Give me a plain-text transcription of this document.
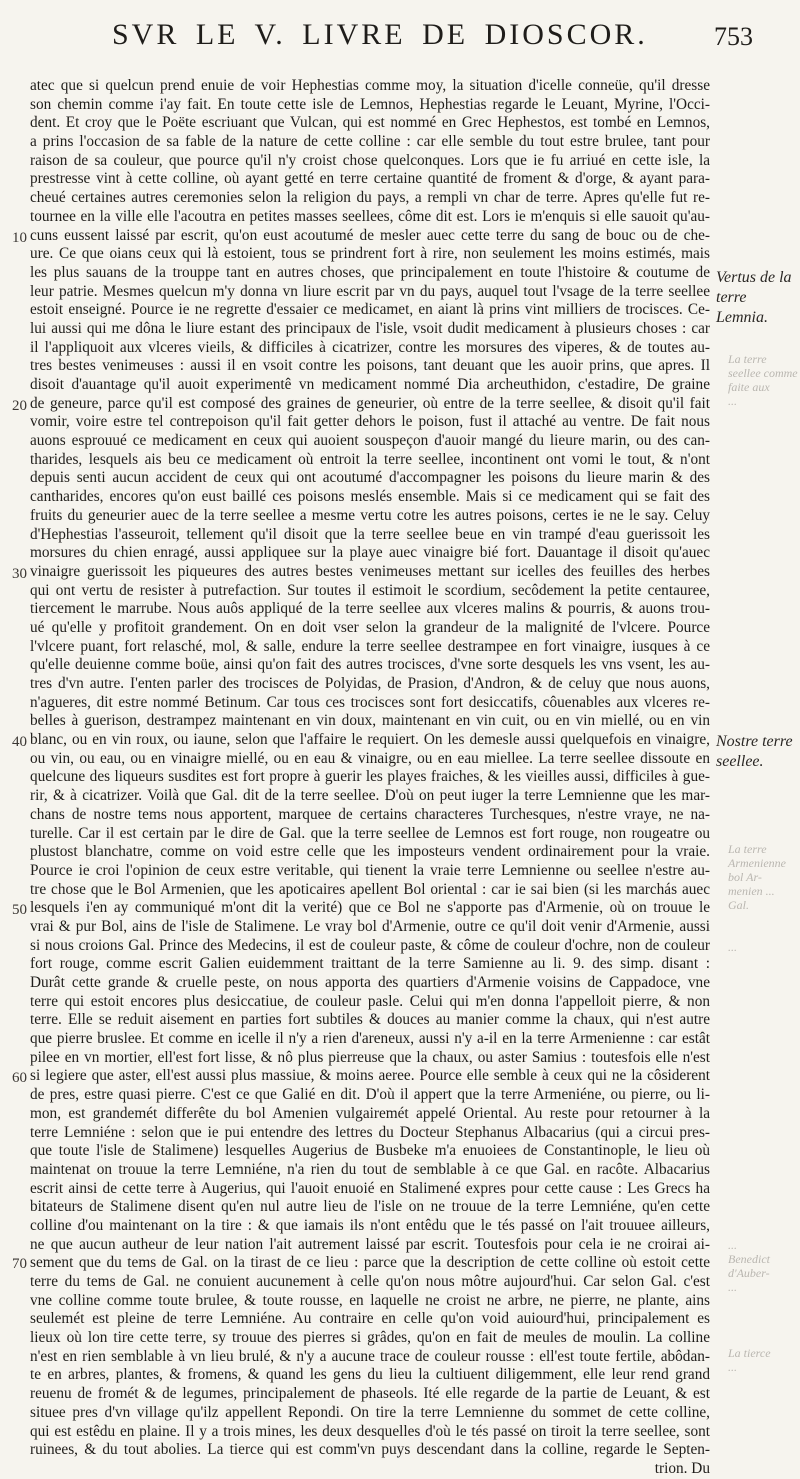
SVR LE V. LIVRE DE DIOSCOR.	753
atec que si quelcun prend enuie de voir Hephestias comme moy, la situation d'icelle conneüe, qu'il dresse
son chemin comme i'ay fait. En toute cette isle de Lemnos, Hephestias regarde le Leuant, Myrine, l'Occi-
dent. Et croy que le Poëte escriuant que Vulcan, qui est nommé en Grec Hephestos, est tombé en Lemnos,
a prins l'occasion de sa fable de la nature de cette colline : car elle semble du tout estre brulee, tant pour
raison de sa couleur, que pource qu'il n'y croist chose quelconques. Lors que ie fu arriué en cette isle, la
prestresse vint à cette colline, où ayant getté en terre certaine quantité de froment & d'orge, & ayant para-
cheué certaines autres ceremonies selon la religion du pays, a rempli vn char de terre. Apres qu'elle fut re-
tournee en la ville elle l'acoutra en petites masses seellees, côme dit est. Lors ie m'enquis si elle sauoit qu'au-
cuns eussent laissé par escrit, qu'on eust acoutumé de mesler auec cette terre du sang de bouc ou de che-
ure. Ce que oians ceux qui là estoient, tous se prindrent fort à rire, non seulement les moins estimés, mais
les plus sauans de la trouppe tant en autres choses, que principalement en toute l'histoire & coutume de
leur patrie. Mesmes quelcun m'y donna vn liure escrit par vn du pays, auquel tout l'vsage de la terre seellee
estoit enseigné. Pource ie ne regrette d'essaier ce medicamet, en aiant là prins vint milliers de trocisces. Ce-
lui aussi qui me dôna le liure estant des principaux de l'isle, vsoit dudit medicament à plusieurs choses : car
il l'appliquoit aux vlceres vieils, & difficiles à cicatrizer, contre les morsures des viperes, & de toutes au-
tres bestes venimeuses : aussi il en vsoit contre les poisons, tant deuant que les auoir prins, que apres. Il
disoit d'auantage qu'il auoit experimentê vn medicament nommé Dia archeuthidon, c'estadire, De graine
de geneure, parce qu'il est composé des graines de geneurier, où entre de la terre seellee, & disoit qu'il fait
vomir, voire estre tel contrepoison qu'il fait getter dehors le poison, fust il attaché au ventre. De fait nous
auons esprouué ce medicament en ceux qui auoient souspeçon d'auoir mangé du lieure marin, ou des can-
tharides, lesquels ais beu ce medicament où entroit la terre seellee, incontinent ont vomi le tout, & n'ont
depuis senti aucun accident de ceux qui ont acoutumé d'accompagner les poisons du lieure marin & des
cantharides, encores qu'on eust baillé ces poisons meslés ensemble. Mais si ce medicament qui se fait des
fruits du geneurier auec de la terre seellee a mesme vertu cotre les autres poisons, certes ie ne le say. Celuy
d'Hephestias l'asseuroit, tellement qu'il disoit que la terre seellee beue en vin trampé d'eau guerissoit les
morsures du chien enragé, aussi appliquee sur la playe auec vinaigre bié fort. Dauantage il disoit qu'auec
vinaigre guerissoit les piqueures des autres bestes venimeuses mettant sur icelles des feuilles des herbes
qui ont vertu de resister à putrefaction. Sur toutes il estimoit le scordium, secôdement la petite centauree,
tiercement le marrube. Nous auôs appliqué de la terre seellee aux vlceres malins & pourris, & auons trou-
ué qu'elle y profitoit grandement. On en doit vser selon la grandeur de la malignité de l'vlcere. Pource
l'vlcere puant, fort relasché, mol, & salle, endure la terre seellee destrampee en fort vinaigre, iusques à ce
qu'elle deuienne comme boüe, ainsi qu'on fait des autres trocisces, d'vne sorte desquels les vns vsent, les au-
tres d'vn autre. I'enten parler des trocisces de Polyidas, de Prasion, d'Andron, & de celuy que nous auons,
n'agueres, dit estre nommé Betinum. Car tous ces trocisces sont fort desiccatifs, côuenables aux vlceres re-
belles à guerison, destrampez maintenant en vin doux, maintenant en vin cuit, ou en vin miellé, ou en vin
blanc, ou en vin roux, ou iaune, selon que l'affaire le requiert. On les demesle aussi quelquefois en vinaigre,
ou vin, ou eau, ou en vinaigre miellé, ou en eau & vinaigre, ou en eau miellee. La terre seellee dissoute en
quelcune des liqueurs susdites est fort propre à guerir les playes fraiches, & les vieilles aussi, difficiles à gue-
rir, & à cicatrizer. Voilà que Gal. dit de la terre seellee. D'où on peut iuger la terre Lemnienne que les mar-
chans de nostre tems nous apportent, marquee de certains characteres Turchesques, n'estre vraye, ne na-
turelle. Car il est certain par le dire de Gal. que la terre seellee de Lemnos est fort rouge, non rougeatre ou
plustost blanchatre, comme on void estre celle que les imposteurs vendent ordinairement pour la vraie.
Pource ie croi l'opinion de ceux estre veritable, qui tienent la vraie terre Lemnienne ou seellee n'estre au-
tre chose que le Bol Armenien, que les apoticaires apellent Bol oriental : car ie sai bien (si les marchás auec
lesquels i'en ay communiqué m'ont dit la verité) que ce Bol ne s'apporte pas d'Armenie, où on trouue le
vrai & pur Bol, ains de l'isle de Stalimene. Le vray bol d'Armenie, outre ce qu'il doit venir d'Armenie, aussi
si nous croions Gal. Prince des Medecins, il est de couleur paste, & côme de couleur d'ochre, non de couleur
fort rouge, comme escrit Galien euidemment traittant de la terre Samienne au li. 9. des simp. disant :
Durât cette grande & cruelle peste, on nous apporta des quartiers d'Armenie voisins de Cappadoce, vne
terre qui estoit encores plus desiccatiue, de couleur pasle. Celui qui m'en donna l'appelloit pierre, & non
terre. Elle se reduit aisement en parties fort subtiles & douces au manier comme la chaux, qui n'est autre
que pierre bruslee. Et comme en icelle il n'y a rien d'areneux, aussi n'y a-il en la terre Armenienne : car estât
pilee en vn mortier, ell'est fort lisse, & nô plus pierreuse que la chaux, ou aster Samius : toutesfois elle n'est
si legiere que aster, ell'est aussi plus massiue, & moins aeree. Pource elle semble à ceux qui ne la côsiderent
de pres, estre quasi pierre. C'est ce que Galié en dit. D'où il appert que la terre Armeniéne, ou pierre, ou li-
mon, est grandemét differête du bol Amenien vulgairemét appelé Oriental. Au reste pour retourner à la
terre Lemniéne : selon que ie pui entendre des lettres du Docteur Stephanus Albacarius (qui a circui pres-
que toute l'isle de Stalimene) lesquelles Augerius de Busbeke m'a enuoiees de Constantinople, le lieu où
maintenat on trouue la terre Lemniéne, n'a rien du tout de semblable à ce que Gal. en racôte. Albacarius
escrit ainsi de cette terre à Augerius, qui l'auoit enuoié en Stalimené expres pour cette cause : Les Grecs ha
bitateurs de Stalimene disent qu'en nul autre lieu de l'isle on ne trouue de la terre Lemniéne, qu'en cette
colline d'ou maintenant on la tire : & que iamais ils n'ont entêdu que le tés passé on l'ait trouuee ailleurs,
ne que aucun autheur de leur nation l'ait autrement laissé par escrit. Toutesfois pour cela ie ne croirai ai-
sement que du tems de Gal. on la tirast de ce lieu : parce que la description de cette colline où estoit cette
terre du tems de Gal. ne conuient aucunement à celle qu'on nous môtre aujourd'hui. Car selon Gal. c'est
vne colline comme toute brulee, & toute rousse, en laquelle ne croist ne arbre, ne pierre, ne plante, ains
seulemét est pleine de terre Lemniéne. Au contraire en celle qu'on void auiourd'hui, principalement es
lieux où lon tire cette terre, sy trouue des pierres si grâdes, qu'on en fait de meules de moulin. La colline
n'est en rien semblable à vn lieu brulé, & n'y a aucune trace de couleur rousse : ell'est toute fertile, abôdan-
te en arbres, plantes, & fromens, & quand les gens du lieu la cultiuent diligemment, elle leur rend grand
reuenu de fromét & de legumes, principalement de phaseols. Ité elle regarde de la partie de Leuant, & est
situee pres d'vn village qu'ilz appellent Repondi. On tire la terre Lemnienne du sommet de cette colline,
qui est estêdu en plaine. Il y a trois mines, les deux desquelles d'où le tés passé on tiroit la terre seellee, sont
ruinees, & du tout abolies. La tierce qui est comm'vn puys descendant dans la colline, regarde le Septen-
trion. Du
10
20
30
40
50
60
70
Vertus de la terre Lemnia.
Nostre terre seellee.
La terre seellee comme
faite aux
...
La terre
Armenienne
bol Ar-
menien ...
Gal.
...
...
Benedict
d'Auber-
...
La tierce
...
